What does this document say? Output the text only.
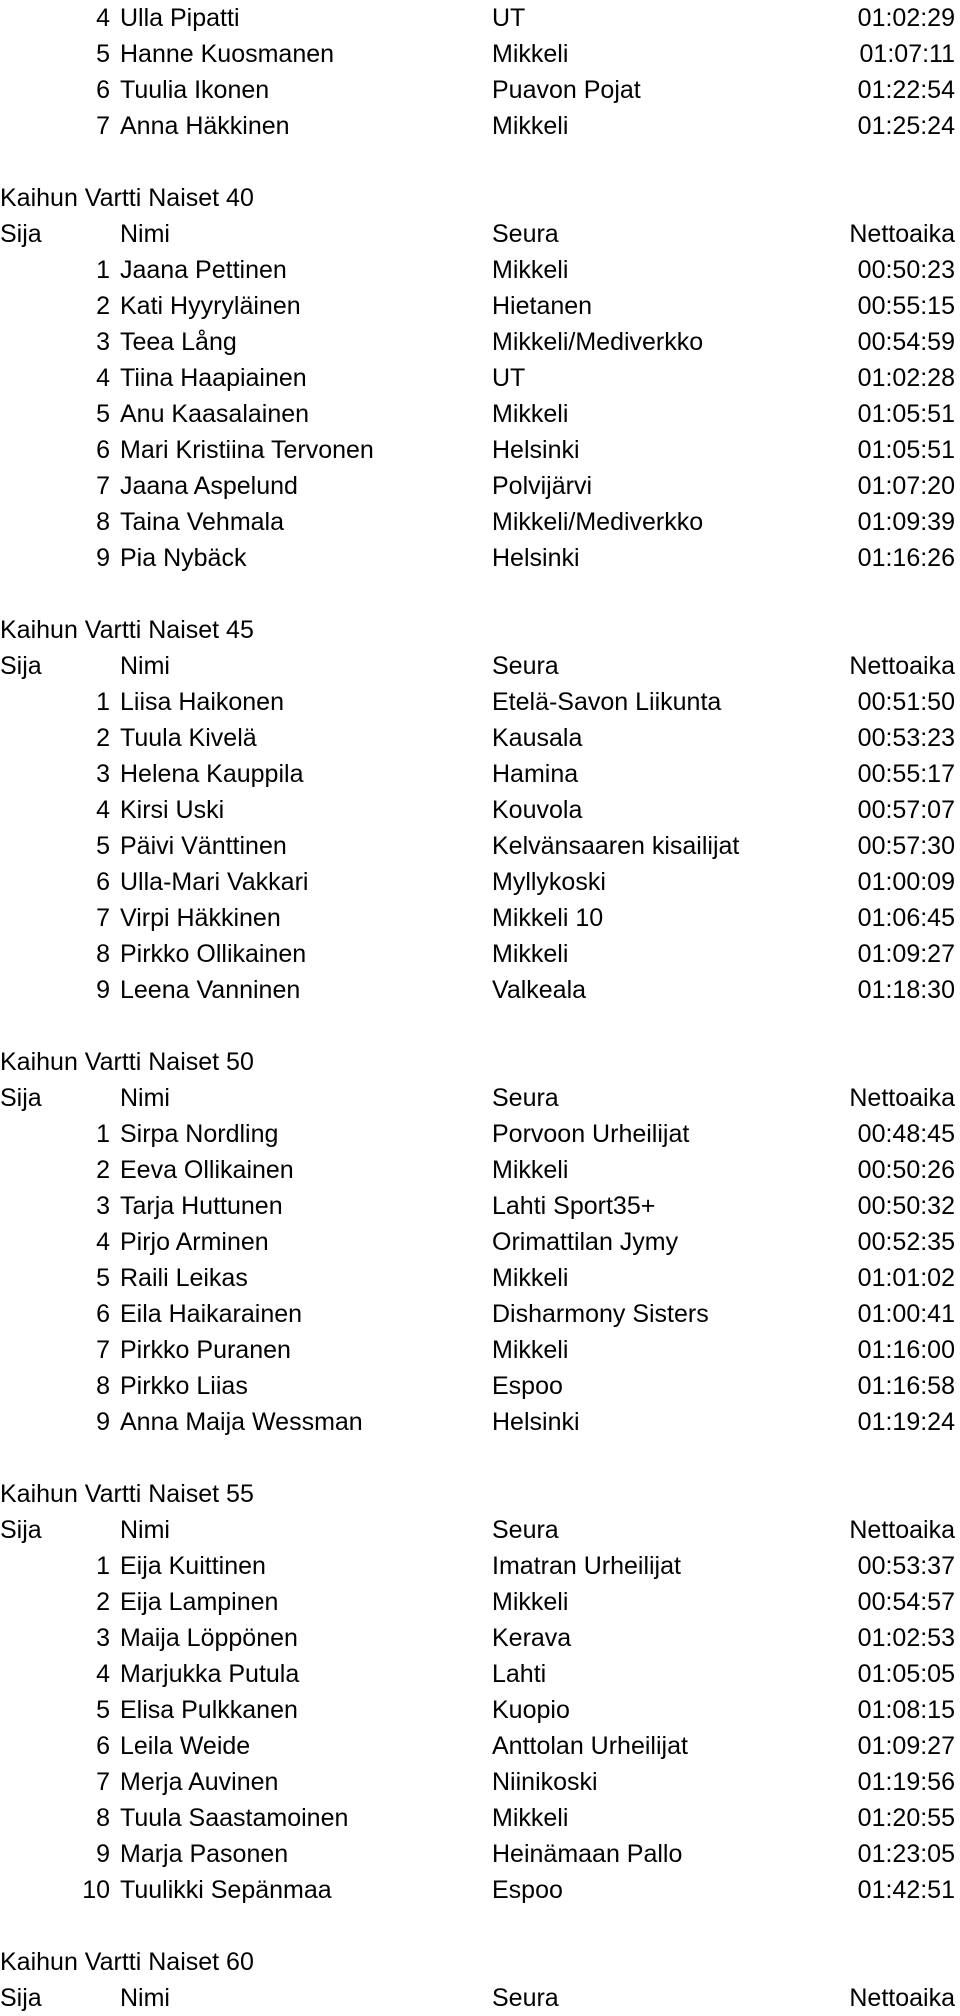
4 Ulla Pipatti	UT	01:02:29
5 Hanne Kuosmanen	Mikkeli	01:07:11
6 Tuulia Ikonen	Puavon Pojat	01:22:54
7 Anna Häkkinen	Mikkeli	01:25:24
Kaihun Vartti Naiset 40
Sija	Nimi	Seura	Nettoaika
1 Jaana Pettinen	Mikkeli	00:50:23
2 Kati Hyyryläinen	Hietanen	00:55:15
3 Teea Lång	Mikkeli/Mediverkko	00:54:59
4 Tiina Haapiainen	UT	01:02:28
5 Anu Kaasalainen	Mikkeli	01:05:51
6 Mari Kristiina Tervonen	Helsinki	01:05:51
7 Jaana Aspelund	Polvijärvi	01:07:20
8 Taina Vehmala	Mikkeli/Mediverkko	01:09:39
9 Pia Nybäck	Helsinki	01:16:26
Kaihun Vartti Naiset 45
Sija	Nimi	Seura	Nettoaika
1 Liisa Haikonen	Etelä-Savon Liikunta	00:51:50
2 Tuula Kivelä	Kausala	00:53:23
3 Helena Kauppila	Hamina	00:55:17
4 Kirsi Uski	Kouvola	00:57:07
5 Päivi Vänttinen	Kelvänsaaren kisailijat	00:57:30
6 Ulla-Mari Vakkari	Myllykoski	01:00:09
7 Virpi Häkkinen	Mikkeli 10	01:06:45
8 Pirkko Ollikainen	Mikkeli	01:09:27
9 Leena Vanninen	Valkeala	01:18:30
Kaihun Vartti Naiset 50
Sija	Nimi	Seura	Nettoaika
1 Sirpa Nordling	Porvoon Urheilijat	00:48:45
2 Eeva Ollikainen	Mikkeli	00:50:26
3 Tarja Huttunen	Lahti Sport35+	00:50:32
4 Pirjo Arminen	Orimattilan Jymy	00:52:35
5 Raili Leikas	Mikkeli	01:01:02
6 Eila Haikarainen	Disharmony Sisters	01:00:41
7 Pirkko Puranen	Mikkeli	01:16:00
8 Pirkko Liias	Espoo	01:16:58
9 Anna Maija Wessman	Helsinki	01:19:24
Kaihun Vartti Naiset 55
Sija	Nimi	Seura	Nettoaika
1 Eija Kuittinen	Imatran Urheilijat	00:53:37
2 Eija Lampinen	Mikkeli	00:54:57
3 Maija Löppönen	Kerava	01:02:53
4 Marjukka Putula	Lahti	01:05:05
5 Elisa Pulkkanen	Kuopio	01:08:15
6 Leila Weide	Anttolan Urheilijat	01:09:27
7 Merja Auvinen	Niinikoski	01:19:56
8 Tuula Saastamoinen	Mikkeli	01:20:55
9 Marja Pasonen	Heinämaan Pallo	01:23:05
10 Tuulikki Sepänmaa	Espoo	01:42:51
Kaihun Vartti Naiset 60
Sija	Nimi	Seura	Nettoaika
